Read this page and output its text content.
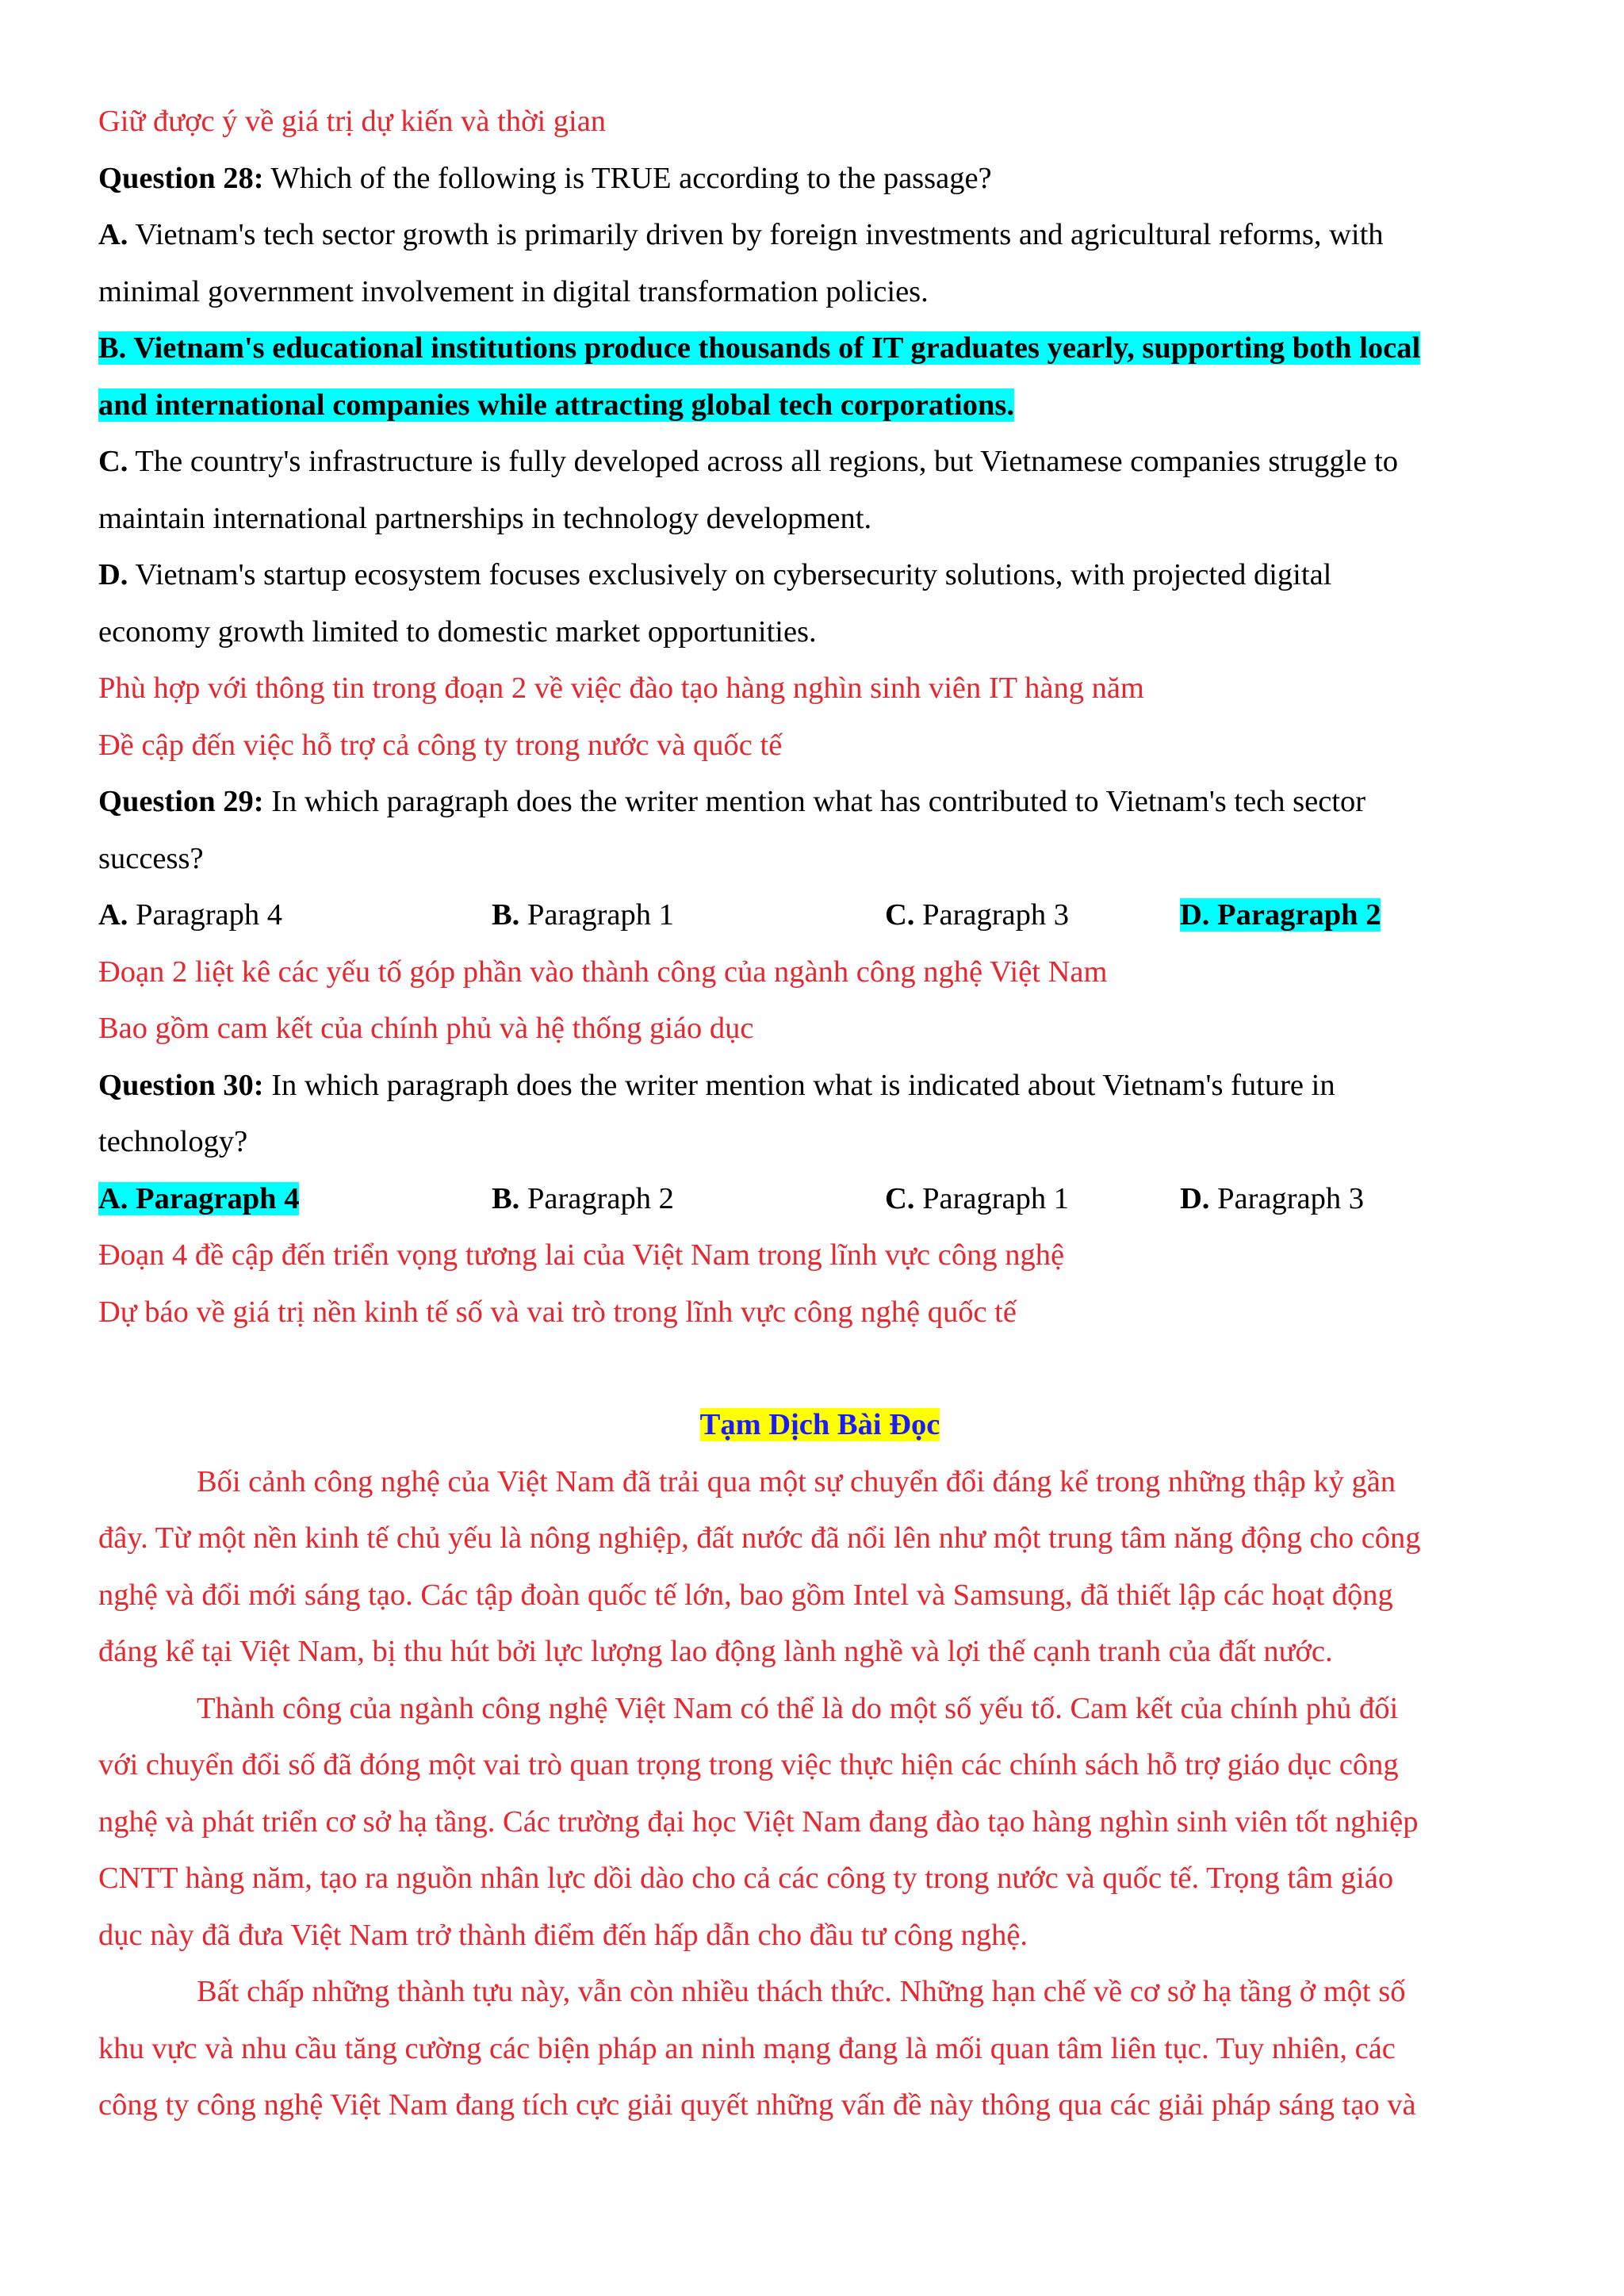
Giữ được ý về giá trị dự kiến và thời gian

Question 28: Which of the following is TRUE according to the passage?

A. Vietnam's tech sector growth is primarily driven by foreign investments and agricultural reforms, with

minimal government involvement in digital transformation policies.

B. Vietnam's educational institutions produce thousands of IT graduates yearly, supporting both local

and international companies while attracting global tech corporations.

C. The country's infrastructure is fully developed across all regions, but Vietnamese companies struggle to

maintain international partnerships in technology development.

D. Vietnam's startup ecosystem focuses exclusively on cybersecurity solutions, with projected digital

economy growth limited to domestic market opportunities.

Phù hợp với thông tin trong đoạn 2 về việc đào tạo hàng nghìn sinh viên IT hàng năm

Đề cập đến việc hỗ trợ cả công ty trong nước và quốc tế

Question 29: In which paragraph does the writer mention what has contributed to Vietnam's tech sector

success?

A. Paragraph 4	B. Paragraph 1	C. Paragraph 3	D. Paragraph 2

Đoạn 2 liệt kê các yếu tố góp phần vào thành công của ngành công nghệ Việt Nam

Bao gồm cam kết của chính phủ và hệ thống giáo dục

Question 30: In which paragraph does the writer mention what is indicated about Vietnam's future in

technology?

A. Paragraph 4	B. Paragraph 2	C. Paragraph 1	D. Paragraph 3

Đoạn 4 đề cập đến triển vọng tương lai của Việt Nam trong lĩnh vực công nghệ

Dự báo về giá trị nền kinh tế số và vai trò trong lĩnh vực công nghệ quốc tế

Tạm Dịch Bài Đọc

Bối cảnh công nghệ của Việt Nam đã trải qua một sự chuyển đổi đáng kể trong những thập kỷ gần

đây. Từ một nền kinh tế chủ yếu là nông nghiệp, đất nước đã nổi lên như một trung tâm năng động cho công

nghệ và đổi mới sáng tạo. Các tập đoàn quốc tế lớn, bao gồm Intel và Samsung, đã thiết lập các hoạt động

đáng kể tại Việt Nam, bị thu hút bởi lực lượng lao động lành nghề và lợi thế cạnh tranh của đất nước.

Thành công của ngành công nghệ Việt Nam có thể là do một số yếu tố. Cam kết của chính phủ đối

với chuyển đổi số đã đóng một vai trò quan trọng trong việc thực hiện các chính sách hỗ trợ giáo dục công

nghệ và phát triển cơ sở hạ tầng. Các trường đại học Việt Nam đang đào tạo hàng nghìn sinh viên tốt nghiệp

CNTT hàng năm, tạo ra nguồn nhân lực dồi dào cho cả các công ty trong nước và quốc tế. Trọng tâm giáo

dục này đã đưa Việt Nam trở thành điểm đến hấp dẫn cho đầu tư công nghệ.

Bất chấp những thành tựu này, vẫn còn nhiều thách thức. Những hạn chế về cơ sở hạ tầng ở một số

khu vực và nhu cầu tăng cường các biện pháp an ninh mạng đang là mối quan tâm liên tục. Tuy nhiên, các

công ty công nghệ Việt Nam đang tích cực giải quyết những vấn đề này thông qua các giải pháp sáng tạo và
